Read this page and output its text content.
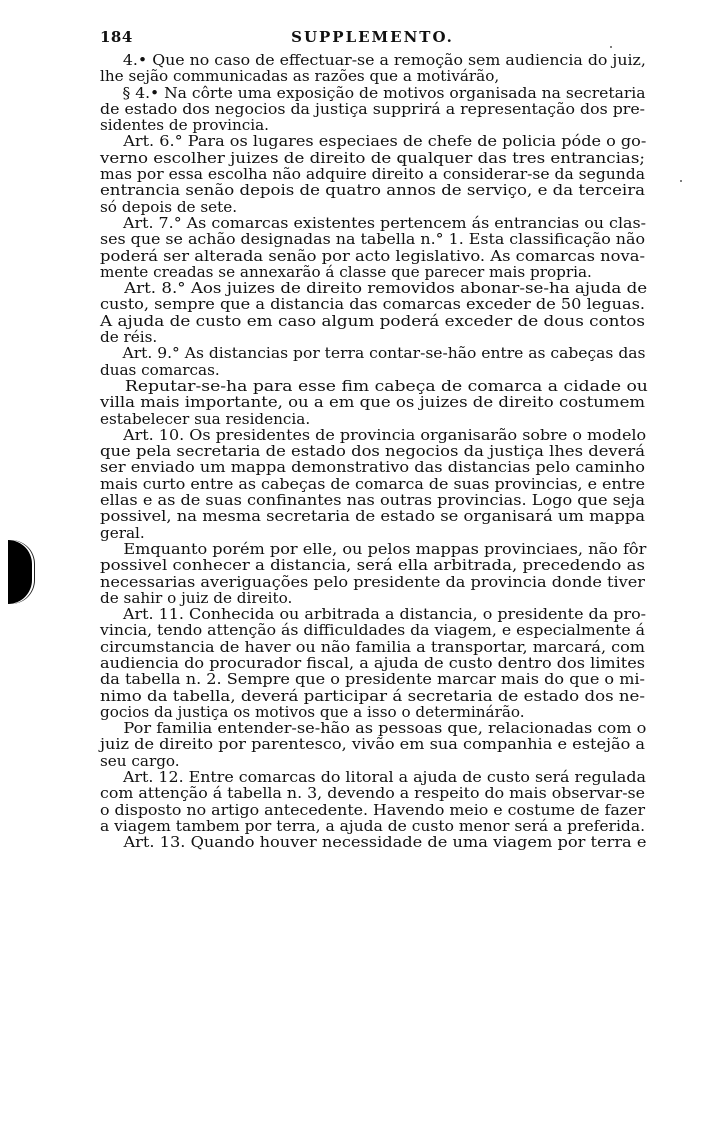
184	SUPPLEMENTO.
4.• Que no caso de effectuar-se a remoção sem audiencia do juiz,
lhe sejão communicadas as razões que a motivárão,
§ 4.• Na côrte uma exposição de motivos organisada na secretaria
de estado dos negocios da justiça supprirá a representação dos pre-
sidentes de provincia.
Art. 6.° Para os lugares especiaes de chefe de policia póde o go-
verno escolher juizes de direito de qualquer das tres entrancias;
mas por essa escolha não adquire direito a considerar-se da segunda
entrancia senão depois de quatro annos de serviço, e da terceira
só depois de sete.
Art. 7.° As comarcas existentes pertencem ás entrancias ou clas-
ses que se achão designadas na tabella n.° 1. Esta classificação não
poderá ser alterada senão por acto legislativo. As comarcas nova-
mente creadas se annexarão á classe que parecer mais propria.
Art. 8.° Aos juizes de direito removidos abonar-se-ha ajuda de
custo, sempre que a distancia das comarcas exceder de 50 leguas.
A ajuda de custo em caso algum poderá exceder de dous contos
de réis.
Art. 9.° As distancias por terra contar-se-hão entre as cabeças das
duas comarcas.
Reputar-se-ha para esse fim cabeça de comarca a cidade ou
villa mais importante, ou a em que os juizes de direito costumem
estabelecer sua residencia.
Art. 10. Os presidentes de provincia organisarão sobre o modelo
que pela secretaria de estado dos negocios da justiça lhes deverá
ser enviado um mappa demonstrativo das distancias pelo caminho
mais curto entre as cabeças de comarca de suas provincias, e entre
ellas e as de suas confinantes nas outras provincias. Logo que seja
possivel, na mesma secretaria de estado se organisará um mappa
geral.
Emquanto porém por elle, ou pelos mappas provinciaes, não fôr
possivel conhecer a distancia, será ella arbitrada, precedendo as
necessarias averiguações pelo presidente da provincia donde tiver
de sahir o juiz de direito.
Art. 11. Conhecida ou arbitrada a distancia, o presidente da pro-
vincia, tendo attenção ás difficuldades da viagem, e especialmente á
circumstancia de haver ou não familia a transportar, marcará, com
audiencia do procurador fiscal, a ajuda de custo dentro dos limites
da tabella n. 2. Sempre que o presidente marcar mais do que o mi-
nimo da tabella, deverá participar á secretaria de estado dos ne-
gocios da justiça os motivos que a isso o determinárão.
Por familia entender-se-hão as pessoas que, relacionadas com o
juiz de direito por parentesco, vivão em sua companhia e estejão a
seu cargo.
Art. 12. Entre comarcas do litoral a ajuda de custo será regulada
com attenção á tabella n. 3, devendo a respeito do mais observar-se
o disposto no artigo antecedente. Havendo meio e costume de fazer
a viagem tambem por terra, a ajuda de custo menor será a preferida.
Art. 13. Quando houver necessidade de uma viagem por terra e
